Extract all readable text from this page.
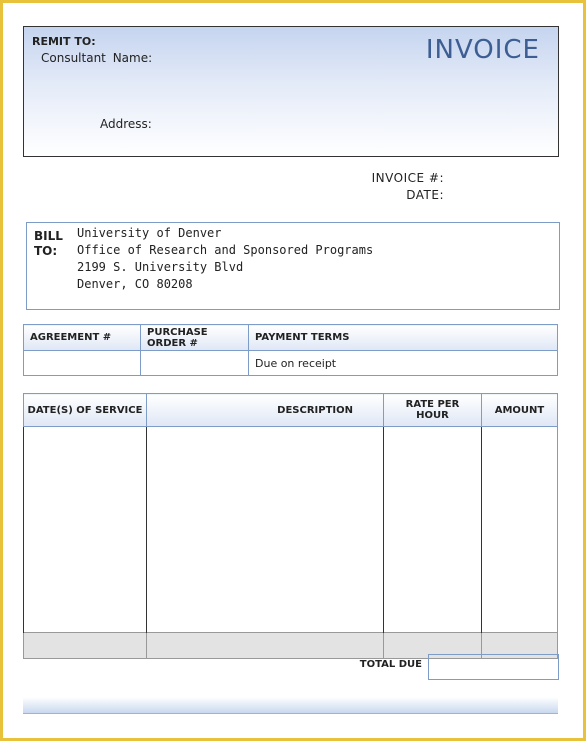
REMIT TO:
Consultant Name:
Address:
INVOICE
INVOICE #:
DATE:
BILL
TO:
University of Denver
Office of Research and Sponsored Programs
2199 S. University Blvd
Denver, CO 80208
AGREEMENT #	PURCHASE ORDER #	PAYMENT TERMS
		Due on receipt
DATE(S) OF SERVICE	DESCRIPTION	RATE PER HOUR	AMOUNT

TOTAL DUE
